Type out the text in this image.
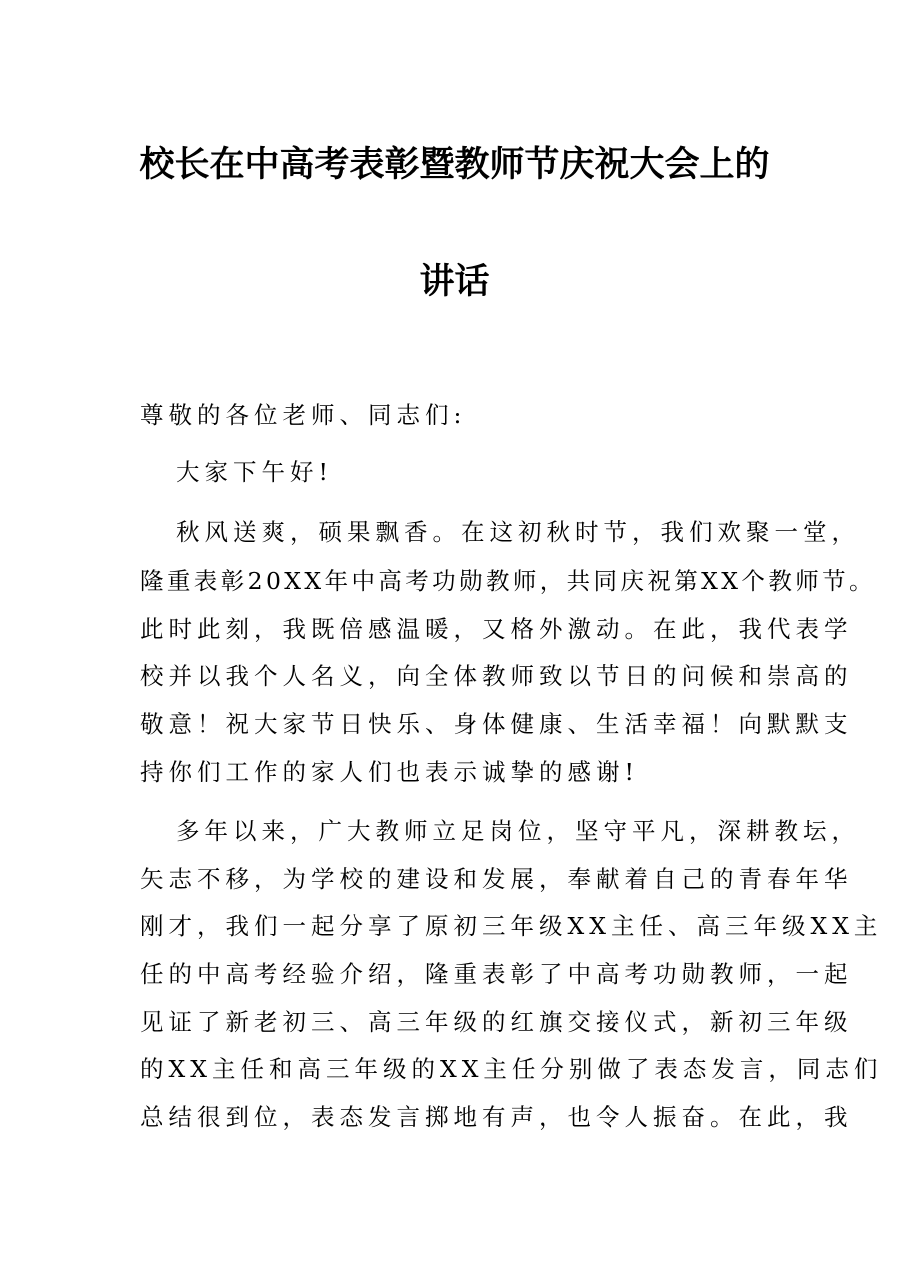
校长在中高考表彰暨教师节庆祝大会上的
讲话
尊敬的各位老师、同志们:
大家下午好!
秋风送爽，硕果飘香。在这初秋时节，我们欢聚一堂，
隆重表彰20XX年中高考功勋教师，共同庆祝第XX个教师节。
此时此刻，我既倍感温暖，又格外激动。在此，我代表学
校并以我个人名义，向全体教师致以节日的问候和崇高的
敬意！祝大家节日快乐、身体健康、生活幸福！向默默支
持你们工作的家人们也表示诚挚的感谢!
多年以来，广大教师立足岗位，坚守平凡，深耕教坛，
矢志不移，为学校的建设和发展，奉献着自己的青春年华
刚才，我们一起分享了原初三年级XX主任、高三年级XX主
任的中高考经验介绍，隆重表彰了中高考功勋教师，一起
见证了新老初三、高三年级的红旗交接仪式，新初三年级
的XX主任和高三年级的XX主任分别做了表态发言，同志们
总结很到位，表态发言掷地有声，也令人振奋。在此，我
